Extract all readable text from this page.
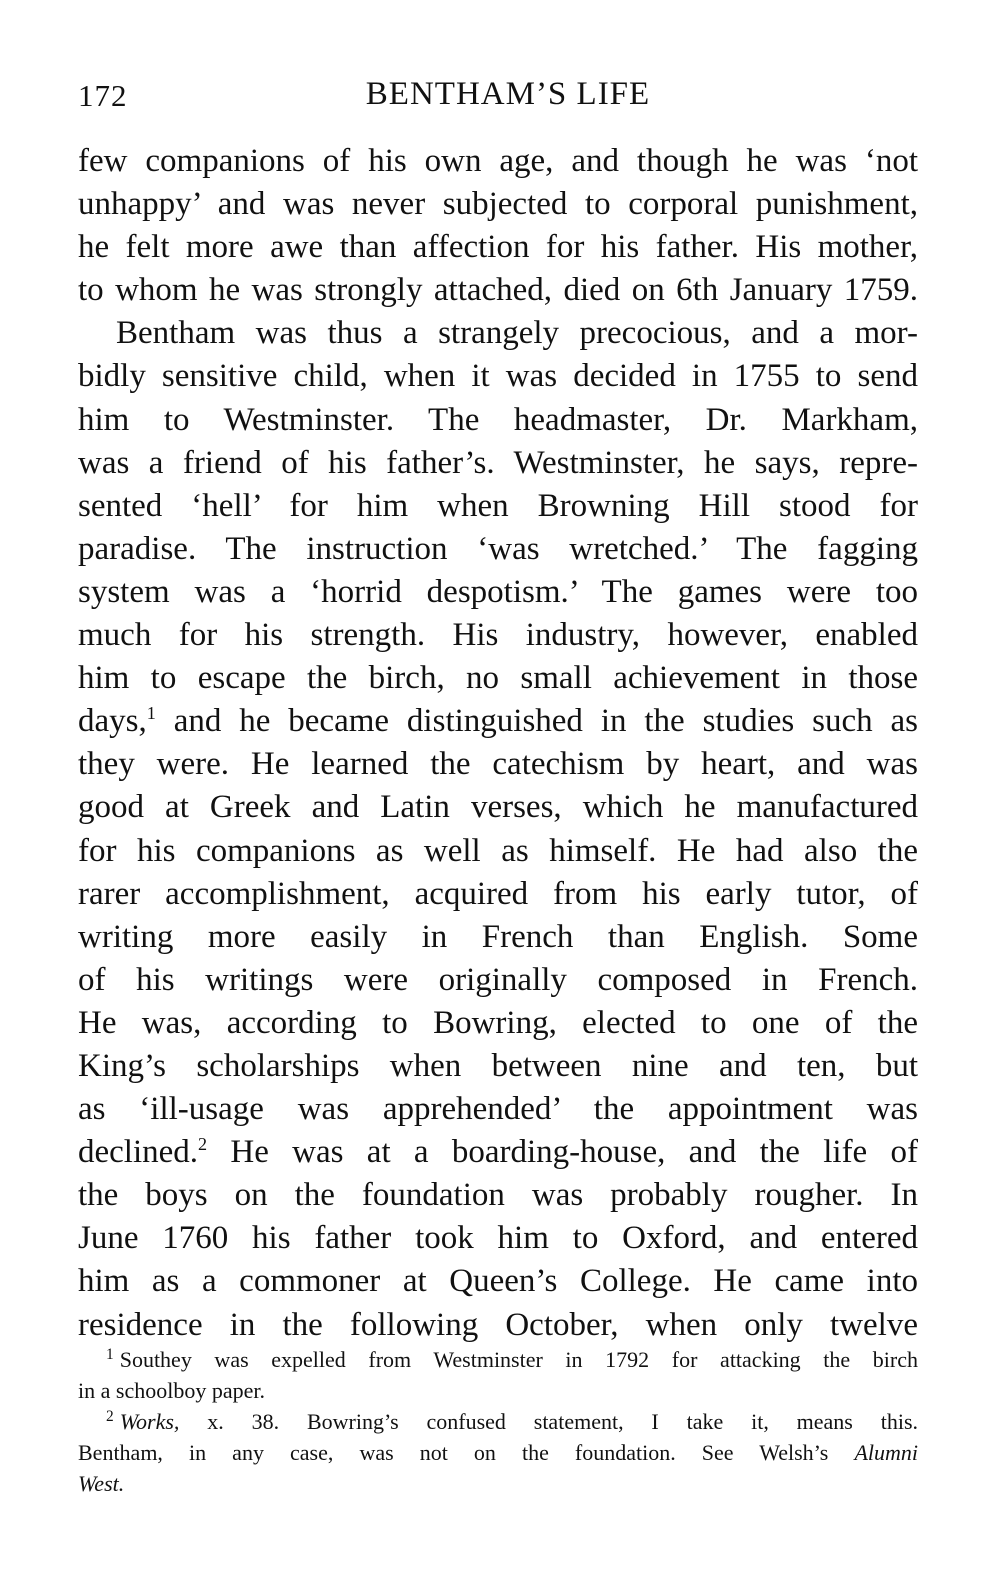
172	BENTHAM’S LIFE
few companions of his own age, and though he was ‘not
unhappy’ and was never subjected to corporal punishment,
he felt more awe than affection for his father. His mother,
to whom he was strongly attached, died on 6th January 1759.
Bentham was thus a strangely precocious, and a mor-
bidly sensitive child, when it was decided in 1755 to send
him to Westminster. The headmaster, Dr. Markham,
was a friend of his father’s. Westminster, he says, repre-
sented ‘hell’ for him when Browning Hill stood for
paradise. The instruction ‘was wretched.’ The fagging
system was a ‘horrid despotism.’ The games were too
much for his strength. His industry, however, enabled
him to escape the birch, no small achievement in those
days,$^1$ and he became distinguished in the studies such as
they were. He learned the catechism by heart, and was
good at Greek and Latin verses, which he manufactured
for his companions as well as himself. He had also the
rarer accomplishment, acquired from his early tutor, of
writing more easily in French than English. Some
of his writings were originally composed in French.
He was, according to Bowring, elected to one of the
King’s scholarships when between nine and ten, but
as ‘ill-usage was apprehended’ the appointment was
declined.$^2$ He was at a boarding-house, and the life of
the boys on the foundation was probably rougher. In
June 1760 his father took him to Oxford, and entered
him as a commoner at Queen’s College. He came into
residence in the following October, when only twelve
$^1$ Southey was expelled from Westminster in 1792 for attacking the birch
in a schoolboy paper.
$^2$ Works, x. 38. Bowring’s confused statement, I take it, means this.
Bentham, in any case, was not on the foundation. See Welsh’s Alumni
West.
